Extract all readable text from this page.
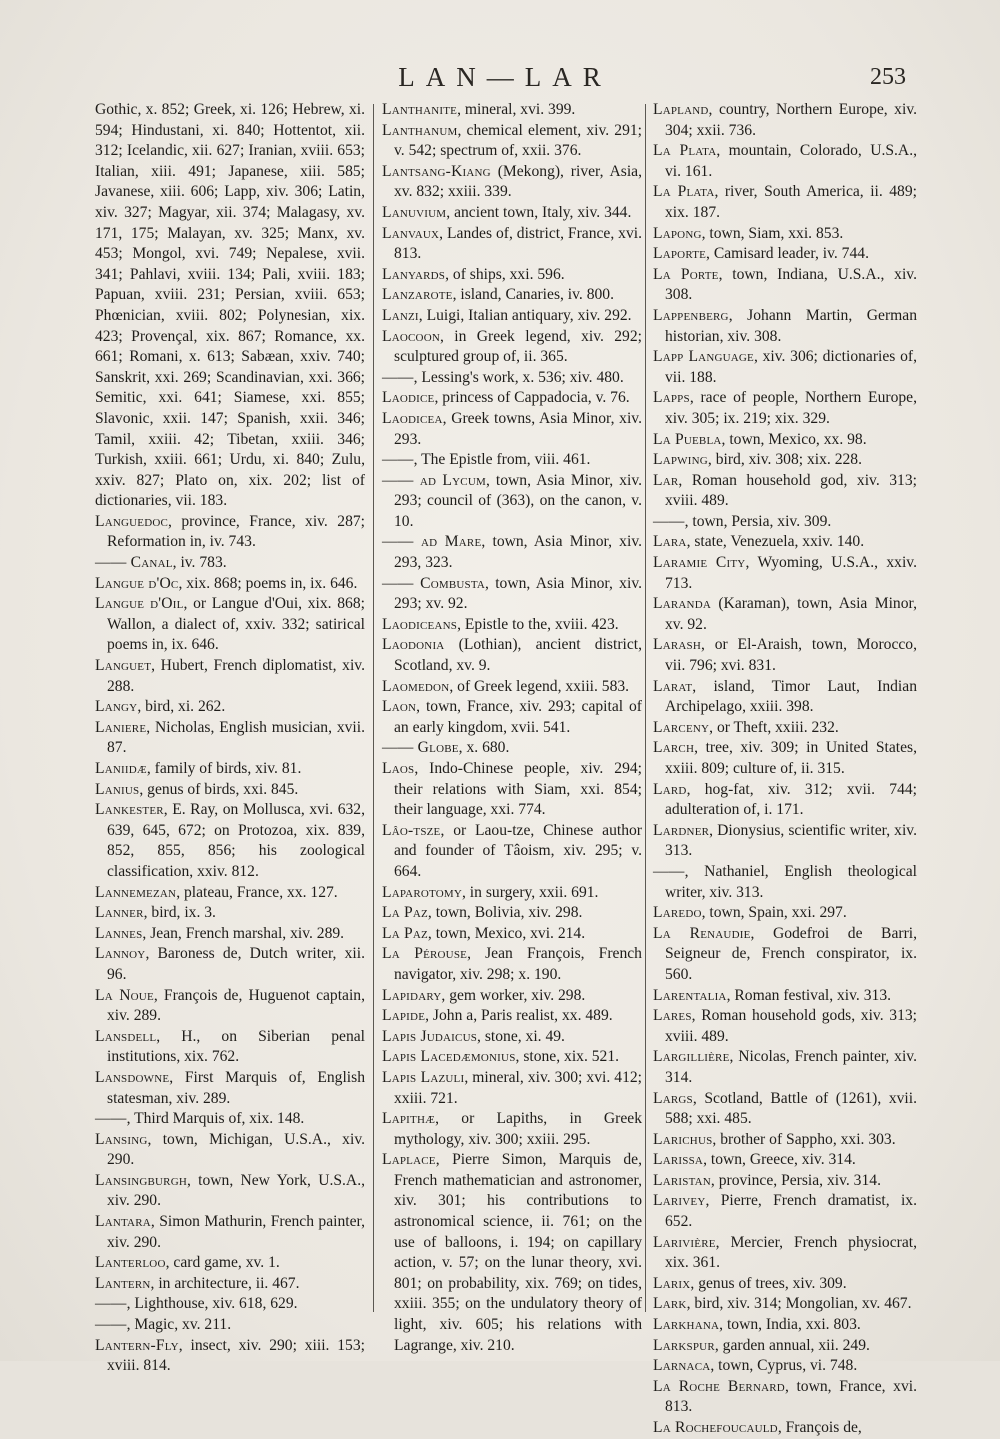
LAN—LAR	253

Gothic, x. 852; Greek, xi. 126; Hebrew, xi. 594; Hindustani, xi. 840; Hottentot, xii. 312; Icelandic, xii. 627; Iranian, xviii. 653; Italian, xiii. 491; Japanese, xiii. 585; Javanese, xiii. 606; Lapp, xiv. 306; Latin, xiv. 327; Magyar, xii. 374; Malagasy, xv. 171, 175; Malayan, xv. 325; Manx, xv. 453; Mongol, xvi. 749; Nepalese, xvii. 341; Pahlavi, xviii. 134; Pali, xviii. 183; Papuan, xviii. 231; Persian, xviii. 653; Phœnician, xviii. 802; Polynesian, xix. 423; Provençal, xix. 867; Romance, xx. 661; Romani, x. 613; Sabæan, xxiv. 740; Sanskrit, xxi. 269; Scandinavian, xxi. 366; Semitic, xxi. 641; Siamese, xxi. 855; Slavonic, xxii. 147; Spanish, xxii. 346; Tamil, xxiii. 42; Tibetan, xxiii. 346; Turkish, xxiii. 661; Urdu, xi. 840; Zulu, xxiv. 827; Plato on, xix. 202; list of dictionaries, vii. 183.

Languedoc, province, France, xiv. 287; Reformation in, iv. 743.

—— Canal, iv. 783.

Langue d'Oc, xix. 868; poems in, ix. 646.

Langue d'Oil, or Langue d'Oui, xix. 868; Wallon, a dialect of, xxiv. 332; satirical poems in, ix. 646.

Languet, Hubert, French diplomatist, xiv. 288.

Langy, bird, xi. 262.

Laniere, Nicholas, English musician, xvii. 87.

Laniidæ, family of birds, xiv. 81.

Lanius, genus of birds, xxi. 845.

Lankester, E. Ray, on Mollusca, xvi. 632, 639, 645, 672; on Protozoa, xix. 839, 852, 855, 856; his zoological classification, xxiv. 812.

Lannemezan, plateau, France, xx. 127.

Lanner, bird, ix. 3.

Lannes, Jean, French marshal, xiv. 289.

Lannoy, Baroness de, Dutch writer, xii. 96.

La Noue, François de, Huguenot captain, xiv. 289.

Lansdell, H., on Siberian penal institutions, xix. 762.

Lansdowne, First Marquis of, English statesman, xiv. 289.

——, Third Marquis of, xix. 148.

Lansing, town, Michigan, U.S.A., xiv. 290.

Lansingburgh, town, New York, U.S.A., xiv. 290.

Lantara, Simon Mathurin, French painter, xiv. 290.

Lanterloo, card game, xv. 1.

Lantern, in architecture, ii. 467.

——, Lighthouse, xiv. 618, 629.

——, Magic, xv. 211.

Lantern-Fly, insect, xiv. 290; xiii. 153; xviii. 814.

Lanthanite, mineral, xvi. 399.

Lanthanum, chemical element, xiv. 291; v. 542; spectrum of, xxii. 376.

Lantsang-Kiang (Mekong), river, Asia, xv. 832; xxiii. 339.

Lanuvium, ancient town, Italy, xiv. 344.

Lanvaux, Landes of, district, France, xvi. 813.

Lanyards, of ships, xxi. 596.

Lanzarote, island, Canaries, iv. 800.

Lanzi, Luigi, Italian antiquary, xiv. 292.

Laocoon, in Greek legend, xiv. 292; sculptured group of, ii. 365.

——, Lessing's work, x. 536; xiv. 480.

Laodice, princess of Cappadocia, v. 76.

Laodicea, Greek towns, Asia Minor, xiv. 293.

——, The Epistle from, viii. 461.

—— ad Lycum, town, Asia Minor, xiv. 293; council of (363), on the canon, v. 10.

—— ad Mare, town, Asia Minor, xiv. 293, 323.

—— Combusta, town, Asia Minor, xiv. 293; xv. 92.

Laodiceans, Epistle to the, xviii. 423.

Laodonia (Lothian), ancient district, Scotland, xv. 9.

Laomedon, of Greek legend, xxiii. 583.

Laon, town, France, xiv. 293; capital of an early kingdom, xvii. 541.

—— Globe, x. 680.

Laos, Indo-Chinese people, xiv. 294; their relations with Siam, xxi. 854; their language, xxi. 774.

Lâo-tsze, or Laou-tze, Chinese author and founder of Tâoism, xiv. 295; v. 664.

Laparotomy, in surgery, xxii. 691.

La Paz, town, Bolivia, xiv. 298.

La Paz, town, Mexico, xvi. 214.

La Pérouse, Jean François, French navigator, xiv. 298; x. 190.

Lapidary, gem worker, xiv. 298.

Lapide, John a, Paris realist, xx. 489.

Lapis Judaicus, stone, xi. 49.

Lapis Lacedæmonius, stone, xix. 521.

Lapis Lazuli, mineral, xiv. 300; xvi. 412; xxiii. 721.

Lapithæ, or Lapiths, in Greek mythology, xiv. 300; xxiii. 295.

Laplace, Pierre Simon, Marquis de, French mathematician and astronomer, xiv. 301; his contributions to astronomical science, ii. 761; on the use of balloons, i. 194; on capillary action, v. 57; on the lunar theory, xvi. 801; on probability, xix. 769; on tides, xxiii. 355; on the undulatory theory of light, xiv. 605; his relations with Lagrange, xiv. 210.

Lapland, country, Northern Europe, xiv. 304; xxii. 736.

La Plata, mountain, Colorado, U.S.A., vi. 161.

La Plata, river, South America, ii. 489; xix. 187.

Lapong, town, Siam, xxi. 853.

Laporte, Camisard leader, iv. 744.

La Porte, town, Indiana, U.S.A., xiv. 308.

Lappenberg, Johann Martin, German historian, xiv. 308.

Lapp Language, xiv. 306; dictionaries of, vii. 188.

Lapps, race of people, Northern Europe, xiv. 305; ix. 219; xix. 329.

La Puebla, town, Mexico, xx. 98.

Lapwing, bird, xiv. 308; xix. 228.

Lar, Roman household god, xiv. 313; xviii. 489.

——, town, Persia, xiv. 309.

Lara, state, Venezuela, xxiv. 140.

Laramie City, Wyoming, U.S.A., xxiv. 713.

Laranda (Karaman), town, Asia Minor, xv. 92.

Larash, or El-Araish, town, Morocco, vii. 796; xvi. 831.

Larat, island, Timor Laut, Indian Archipelago, xxiii. 398.

Larceny, or Theft, xxiii. 232.

Larch, tree, xiv. 309; in United States, xxiii. 809; culture of, ii. 315.

Lard, hog-fat, xiv. 312; xvii. 744; adulteration of, i. 171.

Lardner, Dionysius, scientific writer, xiv. 313.

——, Nathaniel, English theological writer, xiv. 313.

Laredo, town, Spain, xxi. 297.

La Renaudie, Godefroi de Barri, Seigneur de, French conspirator, ix. 560.

Larentalia, Roman festival, xiv. 313.

Lares, Roman household gods, xiv. 313; xviii. 489.

Largillière, Nicolas, French painter, xiv. 314.

Largs, Scotland, Battle of (1261), xvii. 588; xxi. 485.

Larichus, brother of Sappho, xxi. 303.

Larissa, town, Greece, xiv. 314.

Laristan, province, Persia, xiv. 314.

Larivey, Pierre, French dramatist, ix. 652.

Larivière, Mercier, French physiocrat, xix. 361.

Larix, genus of trees, xiv. 309.

Lark, bird, xiv. 314; Mongolian, xv. 467.

Larkhana, town, India, xxi. 803.

Larkspur, garden annual, xii. 249.

Larnaca, town, Cyprus, vi. 748.

La Roche Bernard, town, France, xvi. 813.

La Rochefoucauld, François de,
